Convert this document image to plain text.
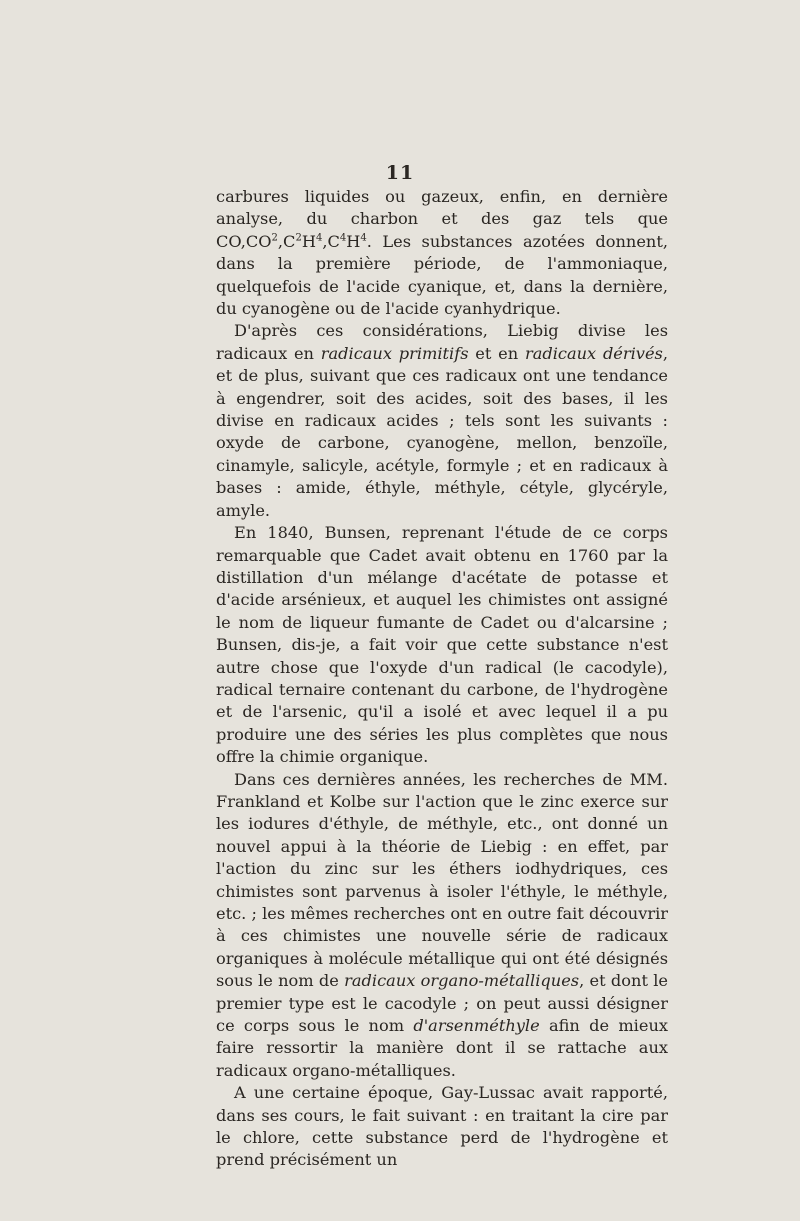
11

carbures liquides ou gazeux, enfin, en dernière analyse, du charbon et des gaz tels que $CO,CO^2,C^2H^4,C^4H^4$. Les substances azotées donnent, dans la première période, de l'ammoniaque, quelquefois de l'acide cyanique, et, dans la dernière, du cyanogène ou de l'acide cyanhydrique.

D'après ces considérations, Liebig divise les radicaux en radicaux primitifs et en radicaux dérivés, et de plus, suivant que ces radicaux ont une tendance à engendrer, soit des acides, soit des bases, il les divise en radicaux acides ; tels sont les suivants : oxyde de carbone, cyanogène, mellon, benzoïle, cinamyle, salicyle, acétyle, formyle ; et en radicaux à bases : amide, éthyle, méthyle, cétyle, glycéryle, amyle.

En 1840, Bunsen, reprenant l'étude de ce corps remarquable que Cadet avait obtenu en 1760 par la distillation d'un mélange d'acétate de potasse et d'acide arsénieux, et auquel les chimistes ont assigné le nom de liqueur fumante de Cadet ou d'alcarsine ; Bunsen, dis-je, a fait voir que cette substance n'est autre chose que l'oxyde d'un radical (le cacodyle), radical ternaire contenant du carbone, de l'hydrogène et de l'arsenic, qu'il a isolé et avec lequel il a pu produire une des séries les plus complètes que nous offre la chimie organique.

Dans ces dernières années, les recherches de MM. Frankland et Kolbe sur l'action que le zinc exerce sur les iodures d'éthyle, de méthyle, etc., ont donné un nouvel appui à la théorie de Liebig : en effet, par l'action du zinc sur les éthers iodhydriques, ces chimistes sont parvenus à isoler l'éthyle, le méthyle, etc. ; les mêmes recherches ont en outre fait découvrir à ces chimistes une nouvelle série de radicaux organiques à molécule métallique qui ont été désignés sous le nom de radicaux organo-métalliques, et dont le premier type est le cacodyle ; on peut aussi désigner ce corps sous le nom d'arsenméthyle afin de mieux faire ressortir la manière dont il se rattache aux radicaux organo-métalliques.

A une certaine époque, Gay-Lussac avait rapporté, dans ses cours, le fait suivant : en traitant la cire par le chlore, cette substance perd de l'hydrogène et prend précisément un
